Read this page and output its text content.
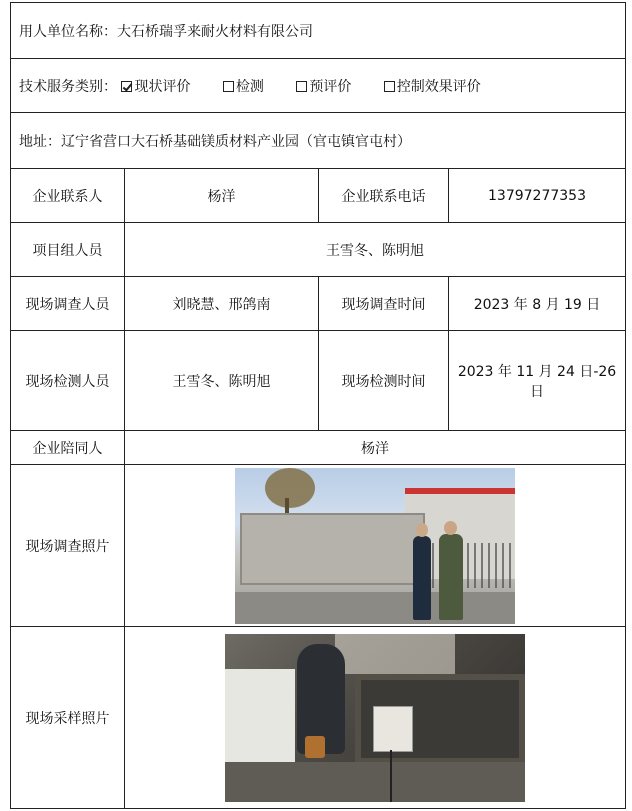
用人单位名称：大石桥瑞孚来耐火材料有限公司			
技术服务类别： 现状评价 检测 预评价 控制效果评价			
地址：辽宁省营口大石桥基础镁质材料产业园（官屯镇官屯村）			
企业联系人	杨洋	企业联系电话	13797277353
项目组人员	王雪冬、陈明旭		
现场调查人员	刘晓慧、邢鸽南	现场调查时间	2023 年 8 月 19 日
现场检测人员	王雪冬、陈明旭	现场检测时间	2023 年 11 月 24 日-26 日
企业陪同人	杨洋		
现场调查照片			

现场采样照片			
